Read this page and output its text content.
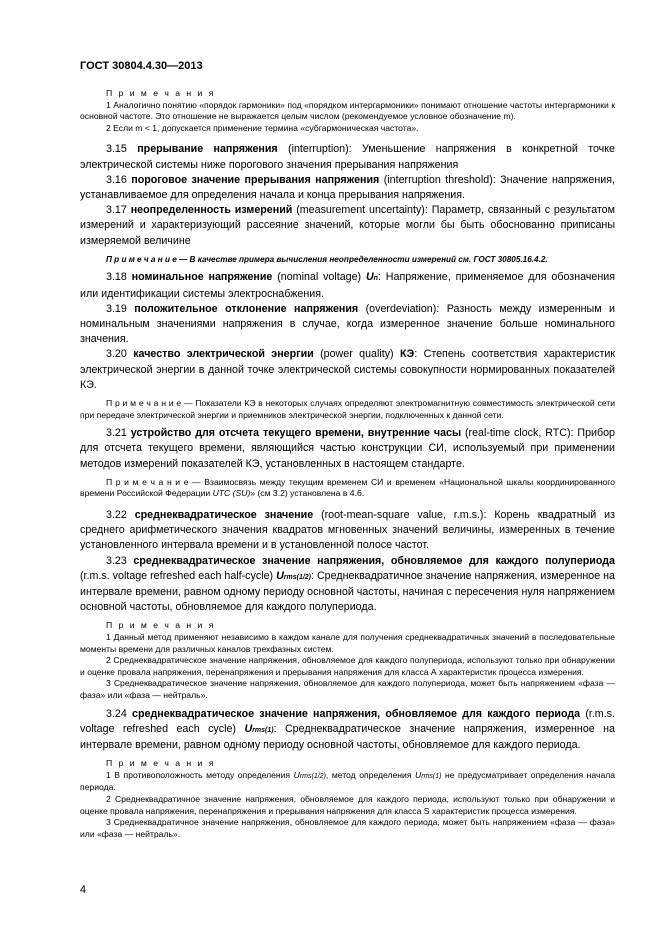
ГОСТ 30804.4.30—2013
П р и м е ч а н и я
1 Аналогично понятию «порядок гармоники» под «порядком интергармоники» понимают отношение частоты интергармоники к основной частоте. Это отношение не выражается целым числом (рекомендуемое условное обозначение m).
2 Если m < 1, допускается применение термина «субгармоническая частота».
3.15 прерывание напряжения (interruption): Уменьшение напряжения в конкретной точке электрической системы ниже порогового значения прерывания напряжения
3.16 пороговое значение прерывания напряжения (interruption threshold): Значение напряжения, устанавливаемое для определения начала и конца прерывания напряжения.
3.17 неопределенность измерений (measurement uncertainty): Параметр, связанный с результатом измерений и характеризующий рассеяние значений, которые могли бы быть обоснованно приписаны измеряемой величине
П р и м е ч а н и е — В качестве примера вычисления неопределенности измерений см. ГОСТ 30805.16.4.2.
3.18 номинальное напряжение (nominal voltage) Un: Напряжение, применяемое для обозначения или идентификации системы электроснабжения.
3.19 положительное отклонение напряжения (overdeviation): Разность между измеренным и номинальным значениями напряжения в случае, когда измеренное значение больше номинального значения.
3.20 качество электрической энергии (power quality) КЭ: Степень соответствия характеристик электрической энергии в данной точке электрической системы совокупности нормированных показателей КЭ.
П р и м е ч а н и е — Показатели КЭ в некоторых случаях определяют электромагнитную совместимость электрической сети при передаче электрической энергии и приемников электрической энергии, подключенных к данной сети.
3.21 устройство для отсчета текущего времени, внутренние часы (real-time clock, RTC): Прибор для отсчета текущего времени, являющийся частью конструкции СИ, используемый при применении методов измерений показателей КЭ, установленных в настоящем стандарте.
П р и м е ч а н и е — Взаимосвязь между текущим временем СИ и временем «Национальной шкалы координированного времени Российской Федерации UTC (SU)» (см 3.2) установлена в 4.6.
3.22 среднеквадратическое значение (root-mean-square value, r.m.s.): Корень квадратный из среднего арифметического значения квадратов мгновенных значений величины, измеренных в течение установленного интервала времени и в установленной полосе частот.
3.23 среднеквадратическое значение напряжения, обновляемое для каждого полупериода (r.m.s. voltage refreshed each half-cycle) Urms(1/2): Среднеквадратичное значение напряжения, измеренное на интервале времени, равном одному периоду основной частоты, начиная с пересечения нуля напряжением основной частоты, обновляемое для каждого полупериода.
П р и м е ч а н и я
1 Данный метод применяют независимо в каждом канале для получения среднеквадратичных значений в последовательные моменты времени для различных каналов трехфазных систем.
2 Среднеквадратическое значение напряжения, обновляемое для каждого полупериода, используют только при обнаружении и оценке провала напряжения, перенапряжения и прерывания напряжения для класса А характеристик процесса измерения.
3 Среднеквадратическое значение напряжения, обновляемое для каждого полупериода, может быть напряжением «фаза — фаза» или «фаза — нейтраль».
3.24 среднеквадратическое значение напряжения, обновляемое для каждого периода (r.m.s. voltage refreshed each cycle) Urms(1): Среднеквадратическое значение напряжения, измеренное на интервале времени, равном одному периоду основной частоты, обновляемое для каждого периода.
П р и м е ч а н и я
1 В противоположность методу определения Urms(1/2), метод определения Urms(1) не предусматривает определения начала периода.
2 Среднеквадратичное значение напряжения, обновляемое для каждого периода, используют только при обнаружении и оценке провала напряжения, перенапряжения и прерывания напряжения для класса S характеристик процесса измерения.
3 Среднеквадратичное значение напряжения, обновляемое для каждого периода, может быть напряжением «фаза — фаза» или «фаза — нейтраль».
4
